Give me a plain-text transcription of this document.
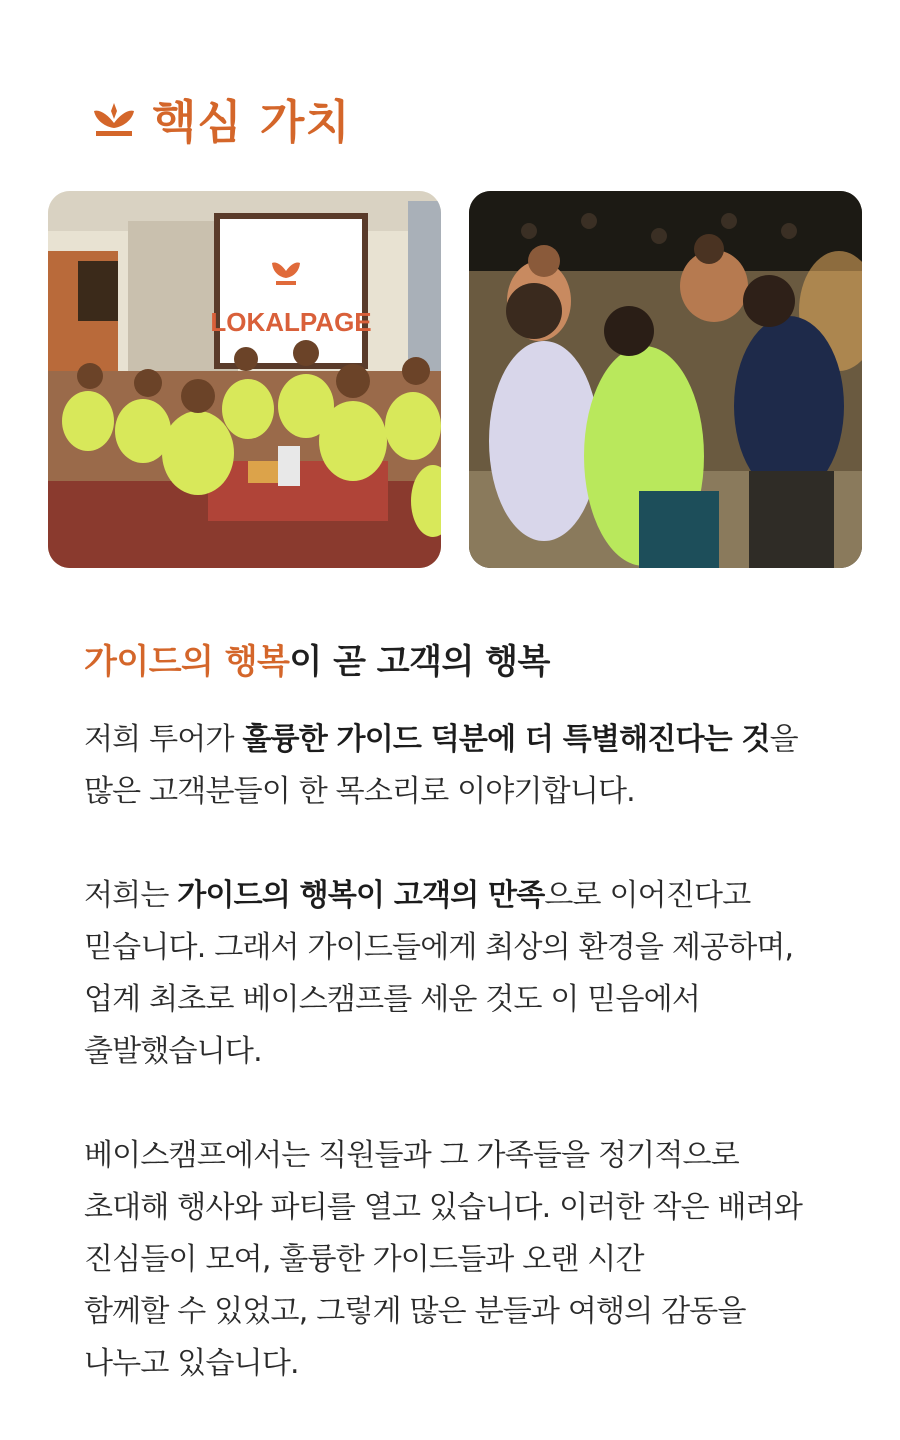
핵심 가치
LOKALPAGE
가이드의 행복이 곧 고객의 행복
저희 투어가 훌륭한 가이드 덕분에 더 특별해진다는 것을
많은 고객분들이 한 목소리로 이야기합니다.
저희는 가이드의 행복이 고객의 만족으로 이어진다고
믿습니다. 그래서 가이드들에게 최상의 환경을 제공하며,
업계 최초로 베이스캠프를 세운 것도 이 믿음에서
출발했습니다.
베이스캠프에서는 직원들과 그 가족들을 정기적으로
초대해 행사와 파티를 열고 있습니다. 이러한 작은 배려와
진심들이 모여, 훌륭한 가이드들과 오랜 시간
함께할 수 있었고, 그렇게 많은 분들과 여행의 감동을
나누고 있습니다.
